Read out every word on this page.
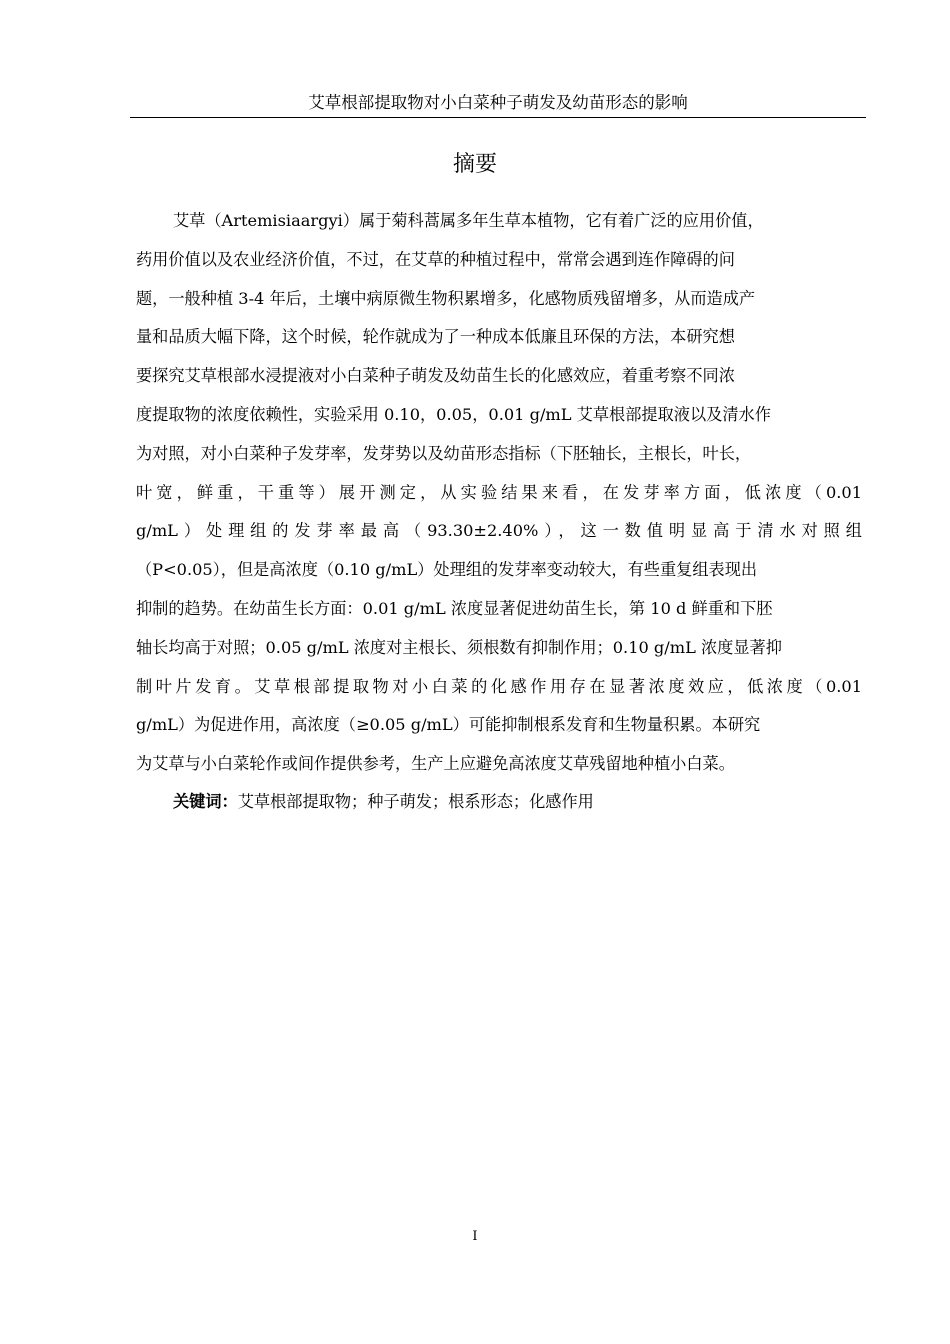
艾草根部提取物对小白菜种子萌发及幼苗形态的影响
摘要
艾草（Artemisiaargyi）属于菊科蒿属多年生草本植物，它有着广泛的应用价值，
药用价值以及农业经济价值，不过，在艾草的种植过程中，常常会遇到连作障碍的问
题，一般种植 3-4 年后，土壤中病原微生物积累增多，化感物质残留增多，从而造成产
量和品质大幅下降，这个时候，轮作就成为了一种成本低廉且环保的方法，本研究想
要探究艾草根部水浸提液对小白菜种子萌发及幼苗生长的化感效应，着重考察不同浓
度提取物的浓度依赖性，实验采用 0.10，0.05，0.01 g/mL 艾草根部提取液以及清水作
为对照，对小白菜种子发芽率，发芽势以及幼苗形态指标（下胚轴长，主根长，叶长，
叶宽，鲜重，干重等）展开测定，从实验结果来看，在发芽率方面，低浓度（0.01
g/mL）处理组的发芽率最高（93.30±2.40%），这一数值明显高于清水对照组
（P<0.05），但是高浓度（0.10 g/mL）处理组的发芽率变动较大，有些重复组表现出
抑制的趋势。在幼苗生长方面：0.01 g/mL 浓度显著促进幼苗生长，第 10 d 鲜重和下胚
轴长均高于对照；0.05 g/mL 浓度对主根长、须根数有抑制作用；0.10 g/mL 浓度显著抑
制叶片发育。艾草根部提取物对小白菜的化感作用存在显著浓度效应，低浓度（0.01
g/mL）为促进作用，高浓度（≥0.05 g/mL）可能抑制根系发育和生物量积累。本研究
为艾草与小白菜轮作或间作提供参考，生产上应避免高浓度艾草残留地种植小白菜。
关键词：艾草根部提取物；种子萌发；根系形态；化感作用
I
